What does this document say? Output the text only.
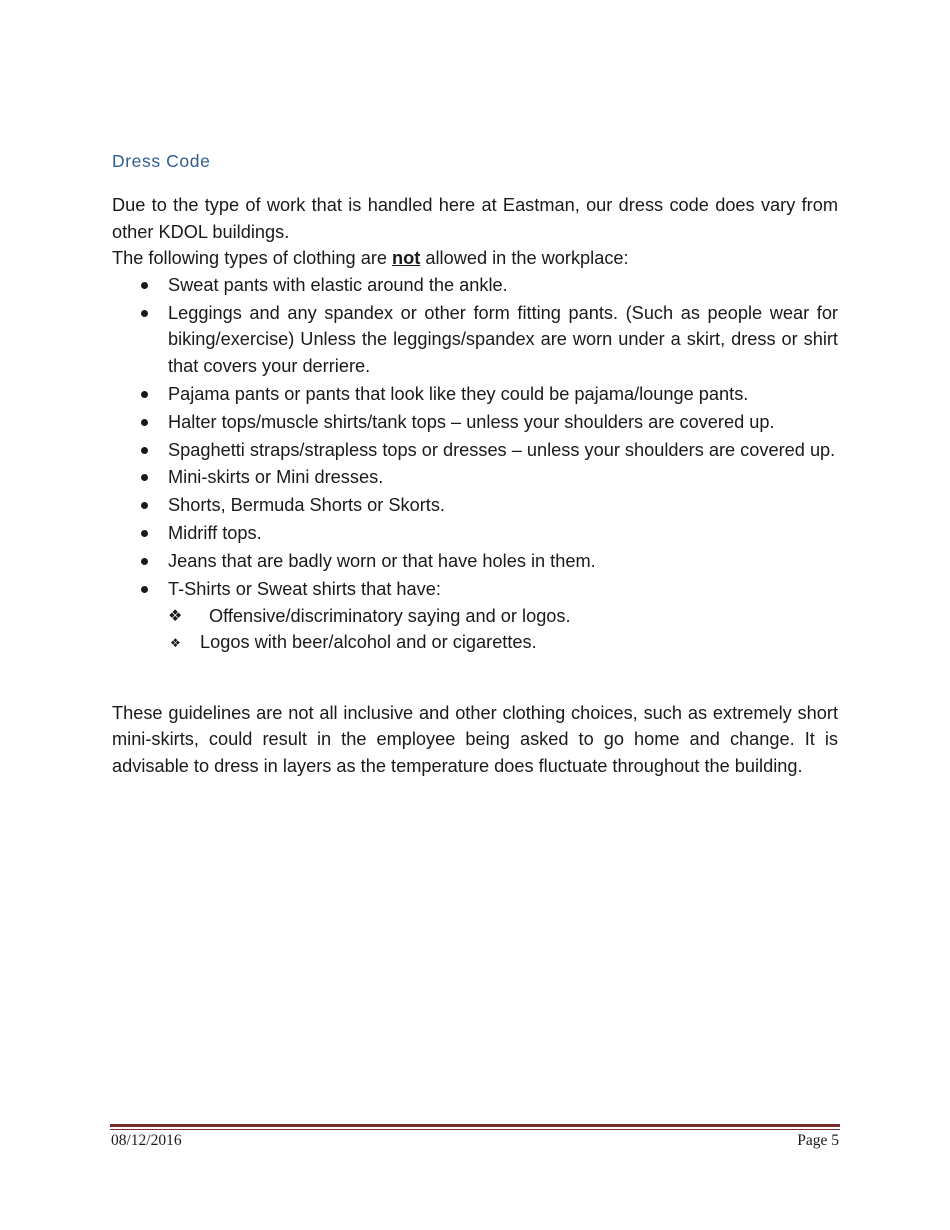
Dress Code

Due to the type of work that is handled here at Eastman, our dress code does vary from other KDOL buildings.

The following types of clothing are not allowed in the workplace:

Sweat pants with elastic around the ankle.
Leggings and any spandex or other form fitting pants. (Such as people wear for biking/exercise) Unless the leggings/spandex are worn under a skirt, dress or shirt that covers your derriere.
Pajama pants or pants that look like they could be pajama/lounge pants.
Halter tops/muscle shirts/tank tops – unless your shoulders are covered up.
Spaghetti straps/strapless tops or dresses – unless your shoulders are covered up.
Mini-skirts or Mini dresses.
Shorts, Bermuda Shorts or Skorts.
Midriff tops.
Jeans that are badly worn or that have holes in them.
T-Shirts or Sweat shirts that have:
❖ Offensive/discriminatory saying and or logos.
❖ Logos with beer/alcohol and or cigarettes.

These guidelines are not all inclusive and other clothing choices, such as extremely short mini-skirts, could result in the employee being asked to go home and change. It is advisable to dress in layers as the temperature does fluctuate throughout the building.

08/12/2016	Page 5
